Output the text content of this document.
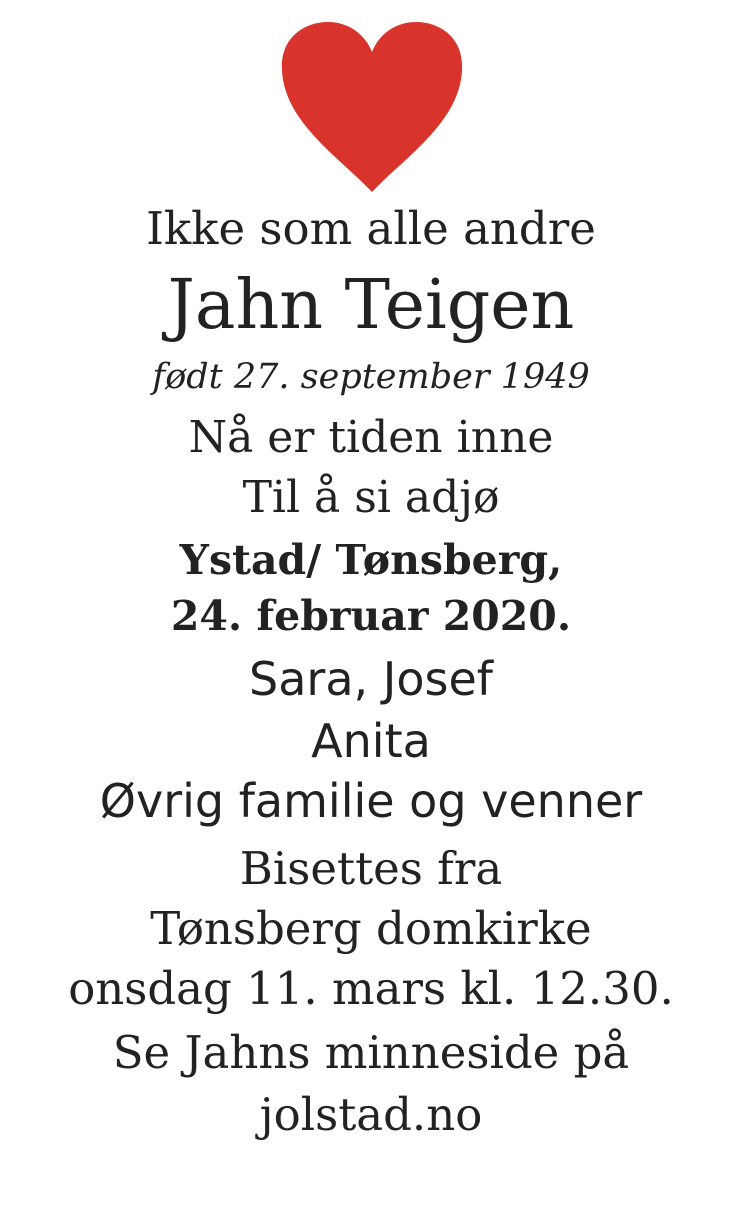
Ikke som alle andre
Jahn Teigen
født 27. september 1949
Nå er tiden inne
Til å si adjø
Ystad/ Tønsberg,
24. februar 2020.
Sara, Josef
Anita
Øvrig familie og venner
Bisettes fra
Tønsberg domkirke
onsdag 11. mars kl. 12.30.
Se Jahns minneside på
jolstad.no
